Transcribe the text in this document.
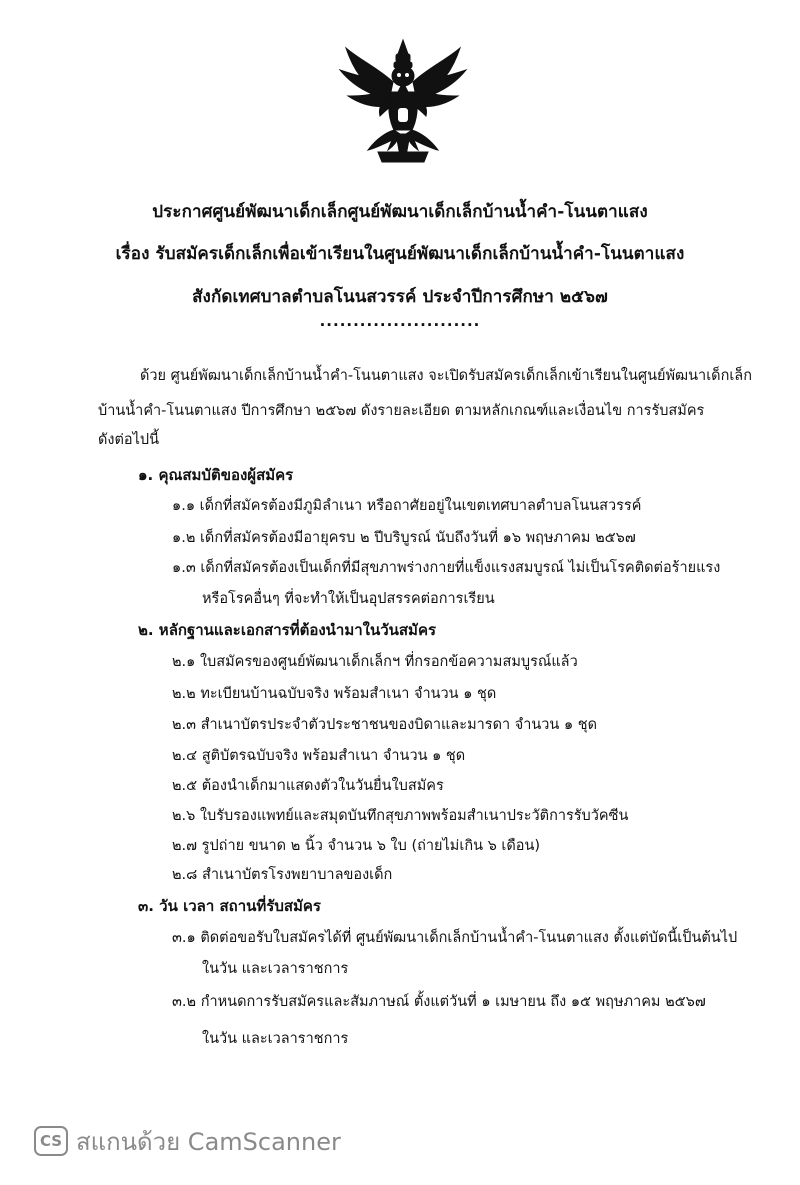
ประกาศศูนย์พัฒนาเด็กเล็กศูนย์พัฒนาเด็กเล็กบ้านน้ำคำ-โนนตาแสง
เรื่อง รับสมัครเด็กเล็กเพื่อเข้าเรียนในศูนย์พัฒนาเด็กเล็กบ้านน้ำคำ-โนนตาแสง
สังกัดเทศบาลตำบลโนนสวรรค์ ประจำปีการศึกษา ๒๕๖๗
........................
ด้วย ศูนย์พัฒนาเด็กเล็กบ้านน้ำคำ-โนนตาแสง จะเปิดรับสมัครเด็กเล็กเข้าเรียนในศูนย์พัฒนาเด็กเล็ก
บ้านน้ำคำ-โนนตาแสง ปีการศึกษา ๒๕๖๗ ดังรายละเอียด ตามหลักเกณฑ์และเงื่อนไข การรับสมัคร
ดังต่อไปนี้
๑. คุณสมบัติของผู้สมัคร
๑.๑ เด็กที่สมัครต้องมีภูมิลำเนา หรือถาศัยอยู่ในเขตเทศบาลตำบลโนนสวรรค์
๑.๒ เด็กที่สมัครต้องมีอายุครบ ๒ ปีบริบูรณ์ นับถึงวันที่ ๑๖ พฤษภาคม ๒๕๖๗
๑.๓ เด็กที่สมัครต้องเป็นเด็กที่มีสุขภาพร่างกายที่แข็งแรงสมบูรณ์ ไม่เป็นโรคติดต่อร้ายแรง
หรือโรคอื่นๆ ที่จะทำให้เป็นอุปสรรคต่อการเรียน
๒. หลักฐานและเอกสารที่ต้องนำมาในวันสมัคร
๒.๑ ใบสมัครของศูนย์พัฒนาเด็กเล็กฯ ที่กรอกข้อความสมบูรณ์แล้ว
๒.๒ ทะเบียนบ้านฉบับจริง พร้อมสำเนา จำนวน ๑ ชุด
๒.๓ สำเนาบัตรประจำตัวประชาชนของบิดาและมารดา จำนวน ๑ ชุด
๒.๔ สูติบัตรฉบับจริง พร้อมสำเนา จำนวน ๑ ชุด
๒.๕ ต้องนำเด็กมาแสดงตัวในวันยื่นใบสมัคร
๒.๖ ใบรับรองแพทย์และสมุดบันทึกสุขภาพพร้อมสำเนาประวัติการรับวัคซีน
๒.๗ รูปถ่าย ขนาด ๒ นิ้ว จำนวน ๖ ใบ (ถ่ายไม่เกิน ๖ เดือน)
๒.๘ สำเนาบัตรโรงพยาบาลของเด็ก
๓. วัน เวลา สถานที่รับสมัคร
๓.๑ ติดต่อขอรับใบสมัครได้ที่ ศูนย์พัฒนาเด็กเล็กบ้านน้ำคำ-โนนตาแสง ตั้งแต่บัดนี้เป็นต้นไป
ในวัน และเวลาราชการ
๓.๒ กำหนดการรับสมัครและสัมภาษณ์ ตั้งแต่วันที่ ๑ เมษายน ถึง ๑๕ พฤษภาคม ๒๕๖๗
ในวัน และเวลาราชการ
CS สแกนด้วย CamScanner
